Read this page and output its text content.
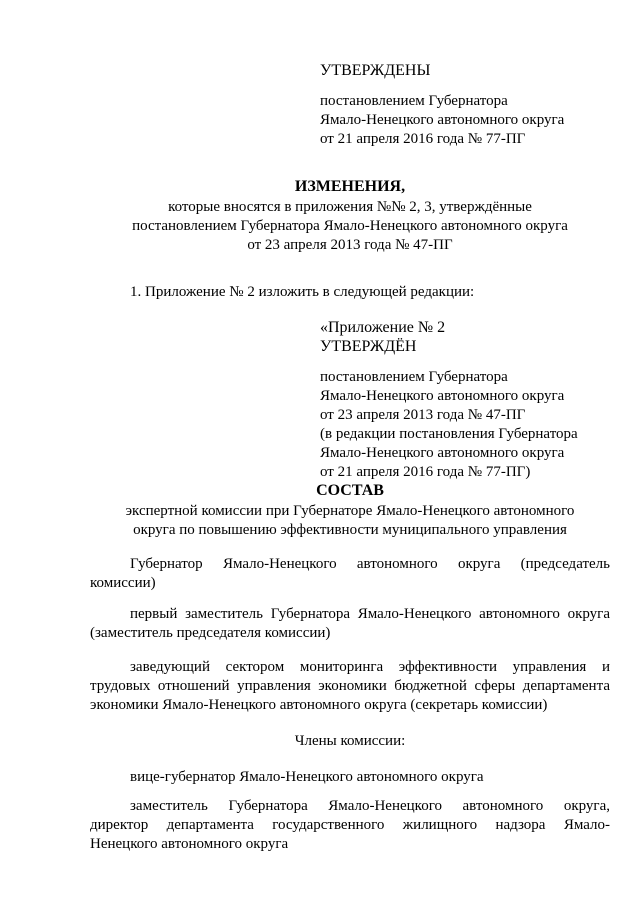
УТВЕРЖДЕНЫ
постановлением Губернатора
Ямало-Ненецкого автономного округа
от 21 апреля 2016 года № 77-ПГ
ИЗМЕНЕНИЯ,
которые вносятся в приложения №№ 2, 3, утверждённые
постановлением Губернатора Ямало-Ненецкого автономного округа
от 23 апреля 2013 года № 47-ПГ
1. Приложение № 2 изложить в следующей редакции:
«Приложение № 2
УТВЕРЖДЁН
постановлением Губернатора
Ямало-Ненецкого автономного округа
от 23 апреля 2013 года № 47-ПГ
(в редакции постановления Губернатора
Ямало-Ненецкого автономного округа
от 21 апреля 2016 года № 77-ПГ)
СОСТАВ
экспертной комиссии при Губернаторе Ямало-Ненецкого автономного
округа по повышению эффективности муниципального управления
Губернатор Ямало-Ненецкого автономного округа (председатель
комиссии)
первый заместитель Губернатора Ямало-Ненецкого автономного округа
(заместитель председателя комиссии)
заведующий сектором мониторинга эффективности управления и
трудовых отношений управления экономики бюджетной сферы департамента
экономики Ямало-Ненецкого автономного округа (секретарь комиссии)
Члены комиссии:
вице-губернатор Ямало-Ненецкого автономного округа
заместитель Губернатора Ямало-Ненецкого автономного округа,
директор департамента государственного жилищного надзора Ямало-
Ненецкого автономного округа
